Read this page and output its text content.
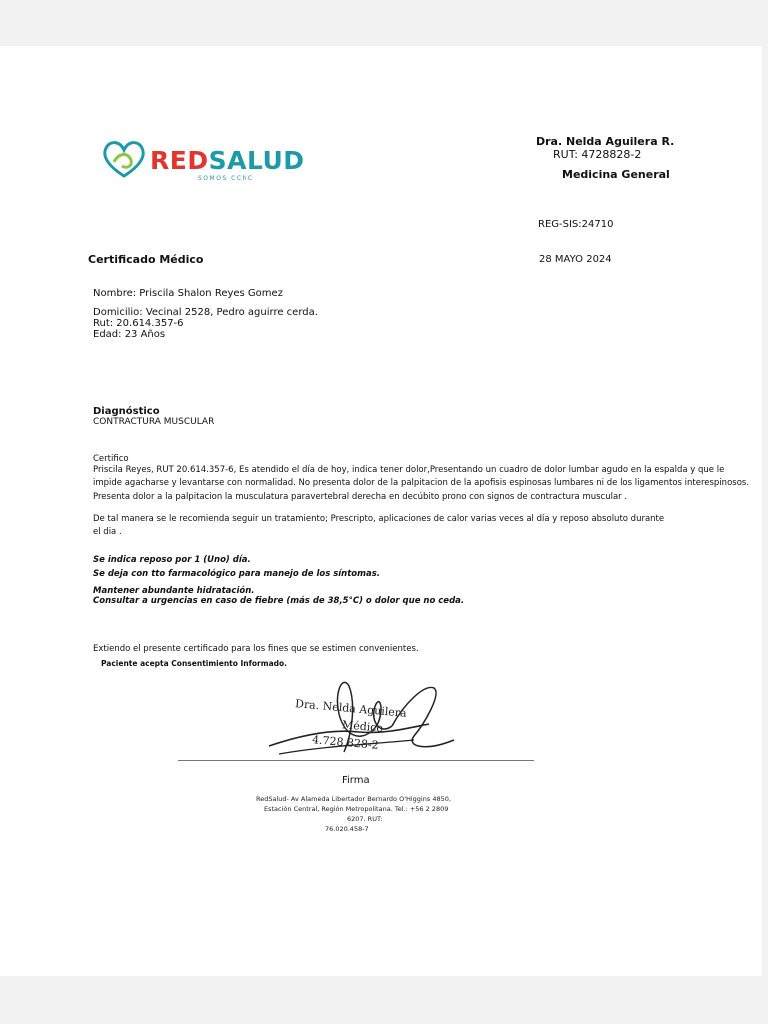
REDSALUD
SOMOS CChC
Dra. Nelda Aguilera R.
RUT: 4728828-2
Medicina General
REG-SIS:24710
Certificado Médico	28 MAYO 2024
Nombre: Priscila Shalon Reyes Gomez
Domicilio: Vecinal 2528, Pedro aguirre cerda.
Rut: 20.614.357-6
Edad: 23 Años
Diagnóstico
CONTRACTURA MUSCULAR
Certifico
Priscila Reyes, RUT 20.614.357-6, Es atendido el día de hoy, indica tener dolor,Presentando un cuadro de dolor lumbar agudo en la espalda y que le
impide agacharse y levantarse con normalidad. No presenta dolor de la palpitacion de la apofisis espinosas lumbares ni de los ligamentos interespinosos.
Presenta dolor a la palpitacion la musculatura paravertebral derecha en decúbito prono con signos de contractura muscular .
De tal manera se le recomienda seguir un tratamiento; Prescripto, aplicaciones de calor varias veces al día y reposo absoluto durante
el dia .
Se indica reposo por 1 (Uno) día.
Se deja con tto farmacológico para manejo de los síntomas.
Mantener abundante hidratación.
Consultar a urgencias en caso de fiebre (más de 38,5°C) o dolor que no ceda.
Extiendo el presente certificado para los fines que se estimen convenientes.
Paciente acepta Consentimiento Informado.
Dra. Nelda Aguilera
Médico
4.728.828-2
Firma
RedSalud- Av Alameda Libertador Bernardo O'Higgins 4850,
Estación Central, Región Metropolitana. Tel.: +56 2 2809
6207. RUT:
76.020.458-7
